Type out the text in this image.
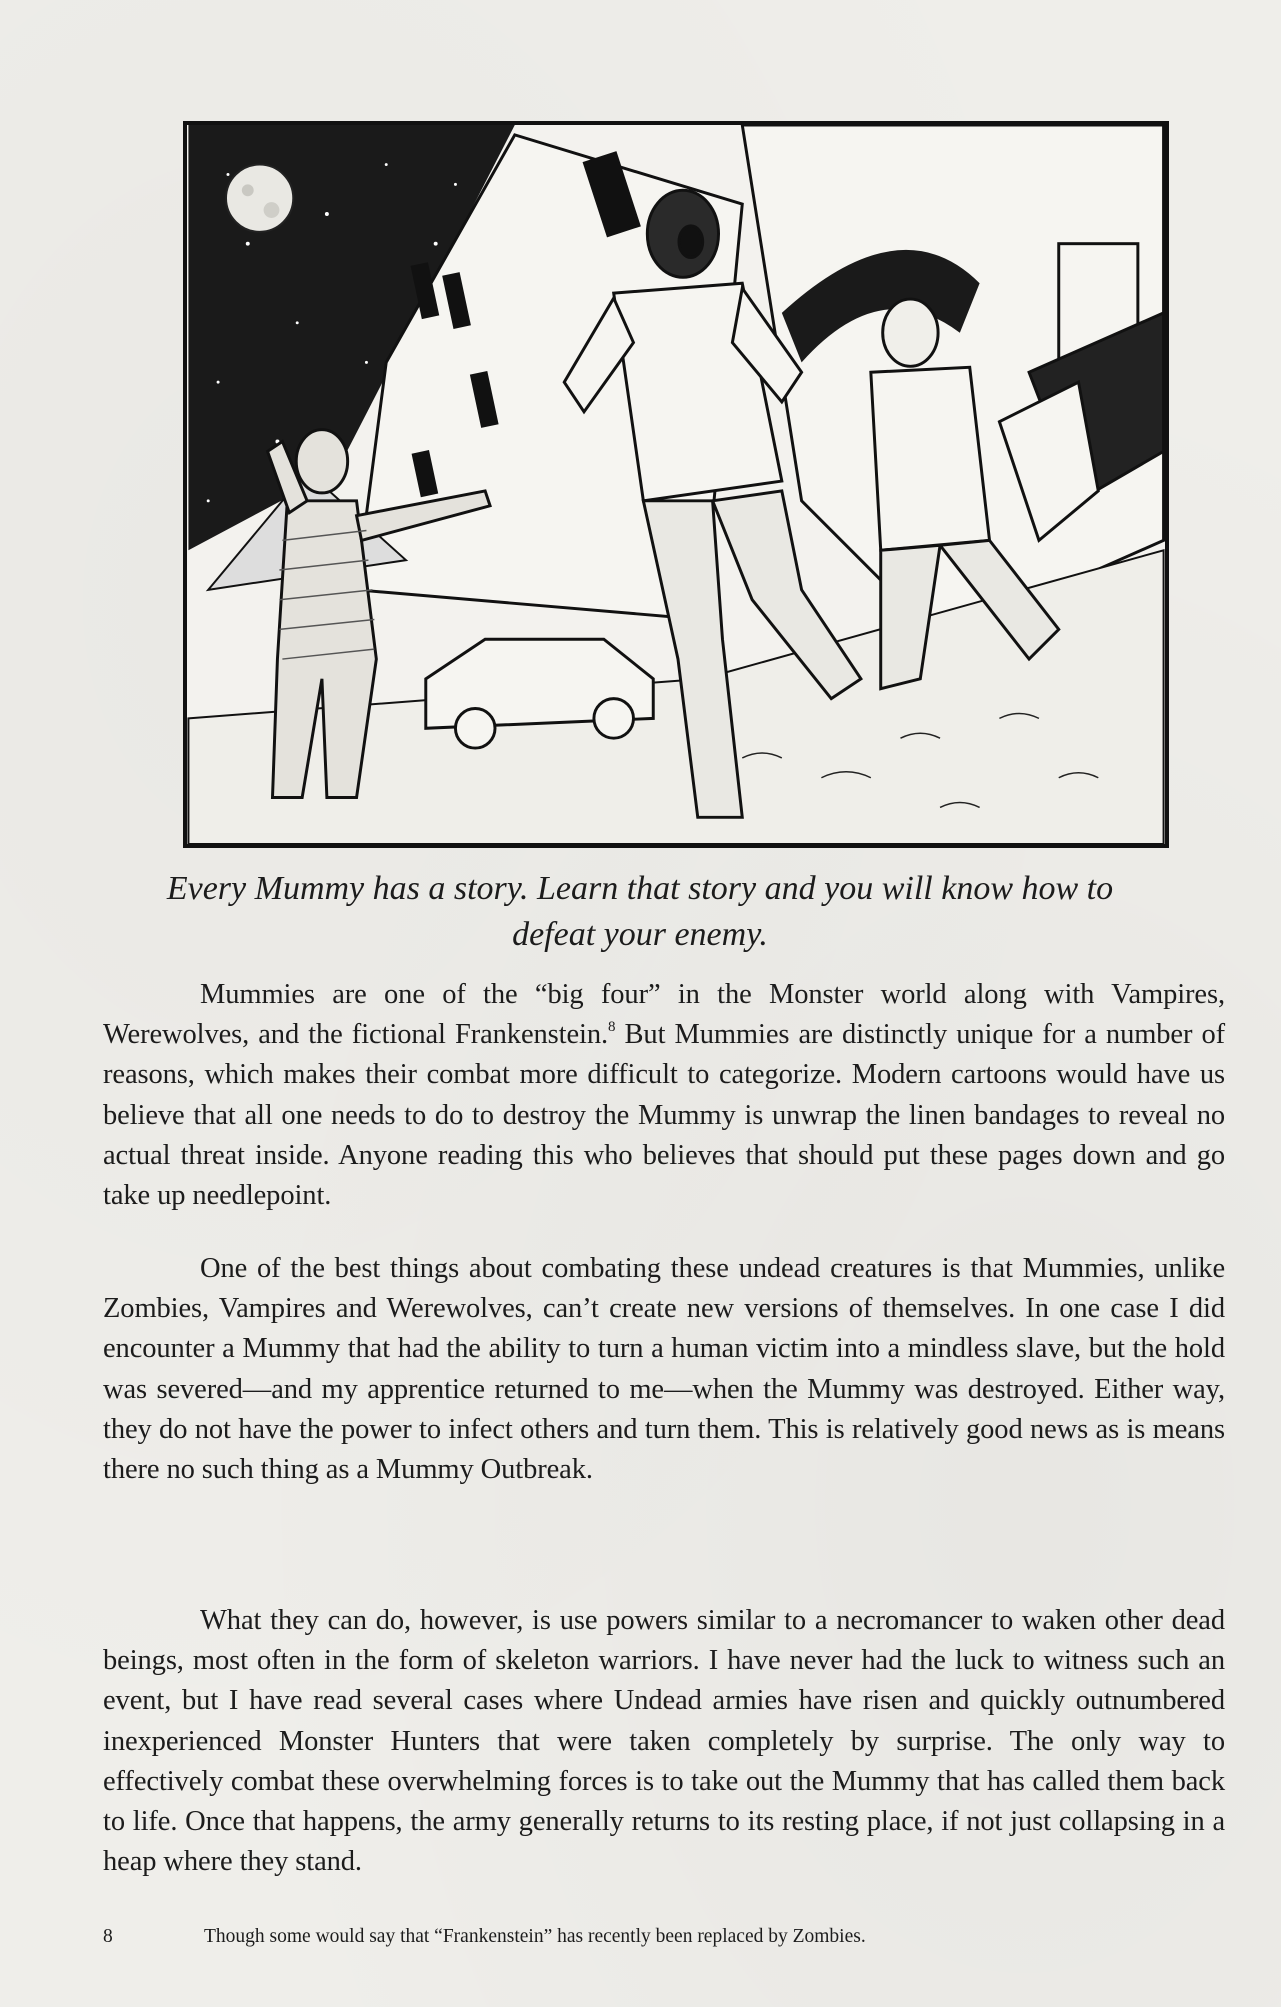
Every Mummy has a story. Learn that story and you will know how to
defeat your enemy.

Mummies are one of the “big four” in the Monster world along with Vampires, Werewolves, and the fictional Frankenstein.$^8$ But Mummies are distinctly unique for a number of reasons, which makes their combat more difficult to categorize. Modern cartoons would have us believe that all one needs to do to destroy the Mummy is unwrap the linen bandages to reveal no actual threat inside. Anyone reading this who believes that should put these pages down and go take up needlepoint.

One of the best things about combating these undead creatures is that Mummies, unlike Zombies, Vampires and Werewolves, can’t create new versions of themselves. In one case I did encounter a Mummy that had the ability to turn a human victim into a mindless slave, but the hold was severed—and my apprentice returned to me—when the Mummy was destroyed. Either way, they do not have the power to infect others and turn them. This is relatively good news as is means there no such thing as a Mummy Outbreak.

What they can do, however, is use powers similar to a necromancer to waken other dead beings, most often in the form of skeleton warriors. I have never had the luck to witness such an event, but I have read several cases where Undead armies have risen and quickly outnumbered inexperienced Monster Hunters that were taken completely by surprise. The only way to effectively combat these overwhelming forces is to take out the Mummy that has called them back to life. Once that happens, the army generally returns to its resting place, if not just collapsing in a heap where they stand.

8	Though some would say that “Frankenstein” has recently been replaced by Zombies.
